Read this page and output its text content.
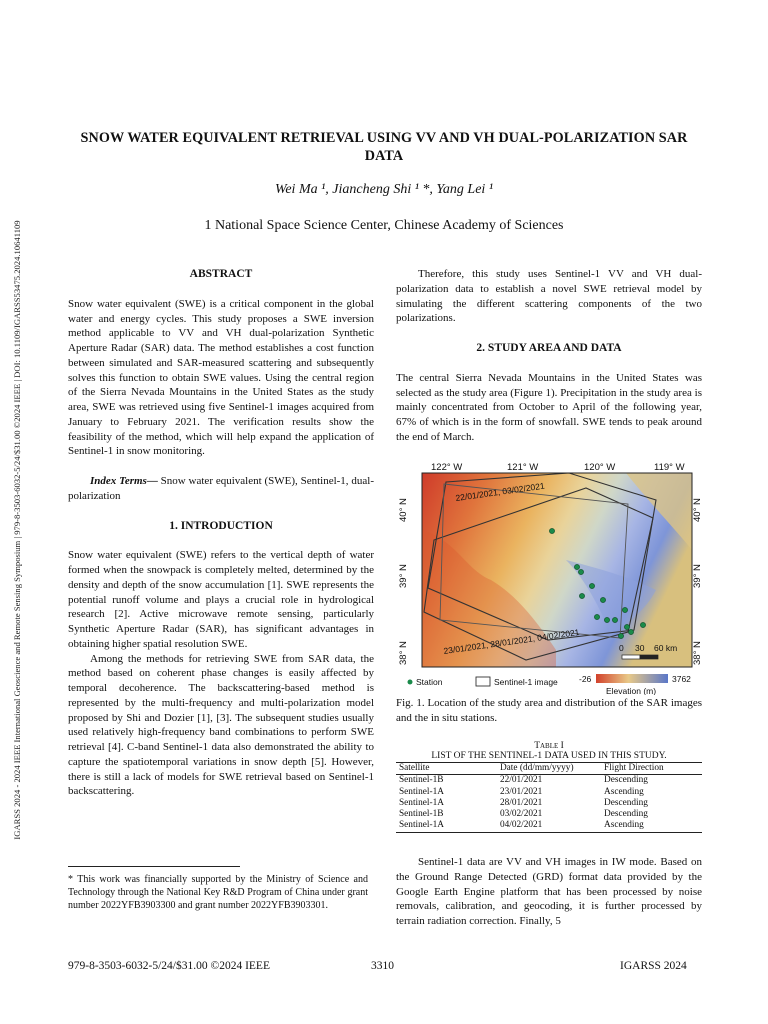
IGARSS 2024 - 2024 IEEE International Geoscience and Remote Sensing Symposium | 979-8-3503-6032-5/24/$31.00 ©2024 IEEE | DOI: 10.1109/IGARSS53475.2024.10641109
SNOW WATER EQUIVALENT RETRIEVAL USING VV AND VH DUAL-POLARIZATION SAR DATA
Wei Ma ¹, Jiancheng Shi ¹ *, Yang Lei ¹
1 National Space Science Center, Chinese Academy of Sciences

ABSTRACT

Snow water equivalent (SWE) is a critical component in the global water and energy cycles. This study proposes a SWE inversion method applicable to VV and VH dual-polarization Synthetic Aperture Radar (SAR) data. The method establishes a cost function between simulated and SAR-measured scattering and subsequently solves this function to obtain SWE values. Using the central region of the Sierra Nevada Mountains in the United States as the study area, SWE was retrieved using five Sentinel-1 images acquired from January to February 2021. The verification results show the feasibility of the method, which will help expand the application of Sentinel-1 in snow monitoring.

Index Terms— Snow water equivalent (SWE), Sentinel-1, dual-polarization

1. INTRODUCTION

Snow water equivalent (SWE) refers to the vertical depth of water formed when the snowpack is completely melted, determined by the density and depth of the snow accumulation [1]. SWE represents the potential runoff volume and plays a crucial role in hydrological research [2]. Active microwave remote sensing, particularly Synthetic Aperture Radar (SAR), has significant advantages in obtaining higher spatial resolution SWE.

Among the methods for retrieving SWE from SAR data, the method based on coherent phase changes is easily affected by temporal decoherence. The backscattering-based method is represented by the multi-frequency and multi-polarization model proposed by Shi and Dozier [1], [3]. The subsequent studies usually used relatively high-frequency band combinations to perform SWE retrieval [4]. C-band Sentinel-1 data also demonstrated the ability to capture the spatiotemporal variations in snow depth [5]. However, there is still a lack of models for SWE retrieval based on Sentinel-1 backscattering.

* This work was financially supported by the Ministry of Science and Technology through the National Key R&D Program of China under grant number 2022YFB3903300 and grant number 2022YFB3903301.

Therefore, this study uses Sentinel-1 VV and VH dual-polarization data to establish a novel SWE retrieval model by simulating the different scattering components of the two polarizations.

2. STUDY AREA AND DATA

The central Sierra Nevada Mountains in the United States was selected as the study area (Figure 1). Precipitation in the study area is mainly concentrated from October to April of the following year, 67% of which is in the form of snowfall. SWE tends to peak around the end of March.

22/01/2021, 03/02/2021
23/01/2021, 28/01/2021, 04/02/2021
122° W	121° W	120° W	119° W
40° N
39° N
38° N
40° N
39° N
38° N
0 30 60 km
Station	Sentinel-1 image -26	3762
Elevation (m)

Fig. 1. Location of the study area and distribution of the SAR images and the in situ stations.

Table I
LIST OF THE SENTINEL-1 DATA USED IN THIS STUDY.
Satellite	Date (dd/mm/yyyy)	Flight Direction
Sentinel-1B	22/01/2021	Descending
Sentinel-1A	23/01/2021	Ascending
Sentinel-1A	28/01/2021	Descending
Sentinel-1B	03/02/2021	Descending
Sentinel-1A	04/02/2021	Ascending

Sentinel-1 data are VV and VH images in IW mode. Based on the Ground Range Detected (GRD) format data provided by the Google Earth Engine platform that has been processed by noise removals, calibration, and geocoding, it is further processed by terrain radiation correction. Finally, 5

979-8-3503-6032-5/24/$31.00 ©2024 IEEE	3310	IGARSS 2024
